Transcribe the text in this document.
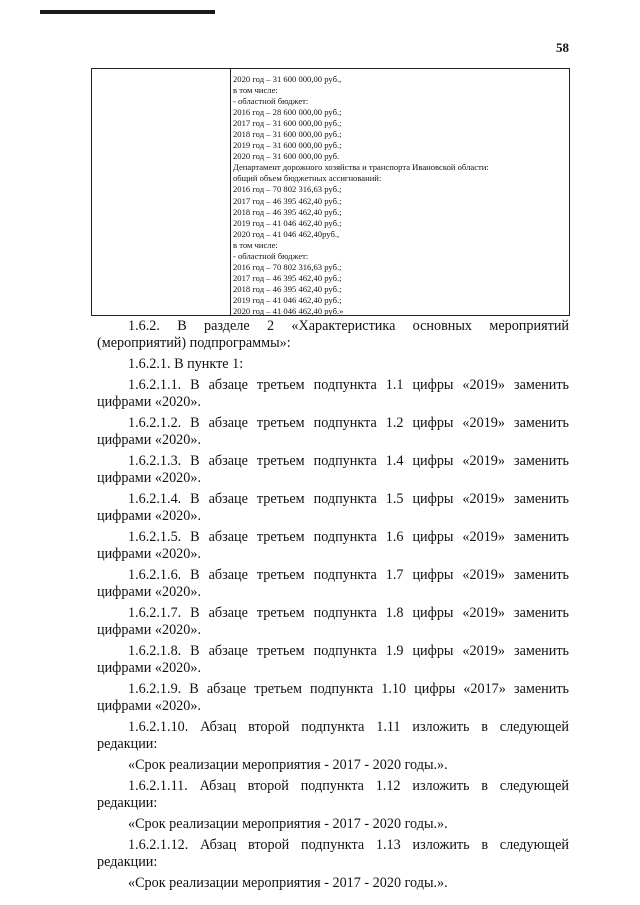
58
2020 год – 31 600 000,00 руб.,
в том числе:
- областной бюджет:
2016 год – 28 600 000,00 руб.;
2017 год – 31 600 000,00 руб.;
2018 год – 31 600 000,00 руб.;
2019 год – 31 600 000,00 руб.;
2020 год – 31 600 000,00 руб.
Департамент дорожного хозяйства и транспорта Ивановской области:
общий объем бюджетных ассигнований:
2016 год – 70 802 316,63 руб.;
2017 год – 46 395 462,40 руб.;
2018 год – 46 395 462,40 руб.;
2019 год – 41 046 462,40 руб.;
2020 год – 41 046 462,40руб.,
в том числе:
- областной бюджет:
2016 год – 70 802 316,63 руб.;
2017 год – 46 395 462,40 руб.;
2018 год – 46 395 462,40 руб.;
2019 год – 41 046 462,40 руб.;
2020 год – 41 046 462,40 руб.»
1.6.2. В разделе 2 «Характеристика основных мероприятий
(мероприятий) подпрограммы»:
1.6.2.1. В пункте 1:
1.6.2.1.1. В абзаце третьем подпункта 1.1 цифры «2019» заменить
цифрами «2020».
1.6.2.1.2. В абзаце третьем подпункта 1.2 цифры «2019» заменить
цифрами «2020».
1.6.2.1.3. В абзаце третьем подпункта 1.4 цифры «2019» заменить
цифрами «2020».
1.6.2.1.4. В абзаце третьем подпункта 1.5 цифры «2019» заменить
цифрами «2020».
1.6.2.1.5. В абзаце третьем подпункта 1.6 цифры «2019» заменить
цифрами «2020».
1.6.2.1.6. В абзаце третьем подпункта 1.7 цифры «2019» заменить
цифрами «2020».
1.6.2.1.7. В абзаце третьем подпункта 1.8 цифры «2019» заменить
цифрами «2020».
1.6.2.1.8. В абзаце третьем подпункта 1.9 цифры «2019» заменить
цифрами «2020».
1.6.2.1.9. В абзаце третьем подпункта 1.10 цифры «2017» заменить
цифрами «2020».
1.6.2.1.10. Абзац второй подпункта 1.11 изложить в следующей
редакции:
«Срок реализации мероприятия - 2017 - 2020 годы.».
1.6.2.1.11. Абзац второй подпункта 1.12 изложить в следующей
редакции:
«Срок реализации мероприятия - 2017 - 2020 годы.».
1.6.2.1.12. Абзац второй подпункта 1.13 изложить в следующей
редакции:
«Срок реализации мероприятия - 2017 - 2020 годы.».
